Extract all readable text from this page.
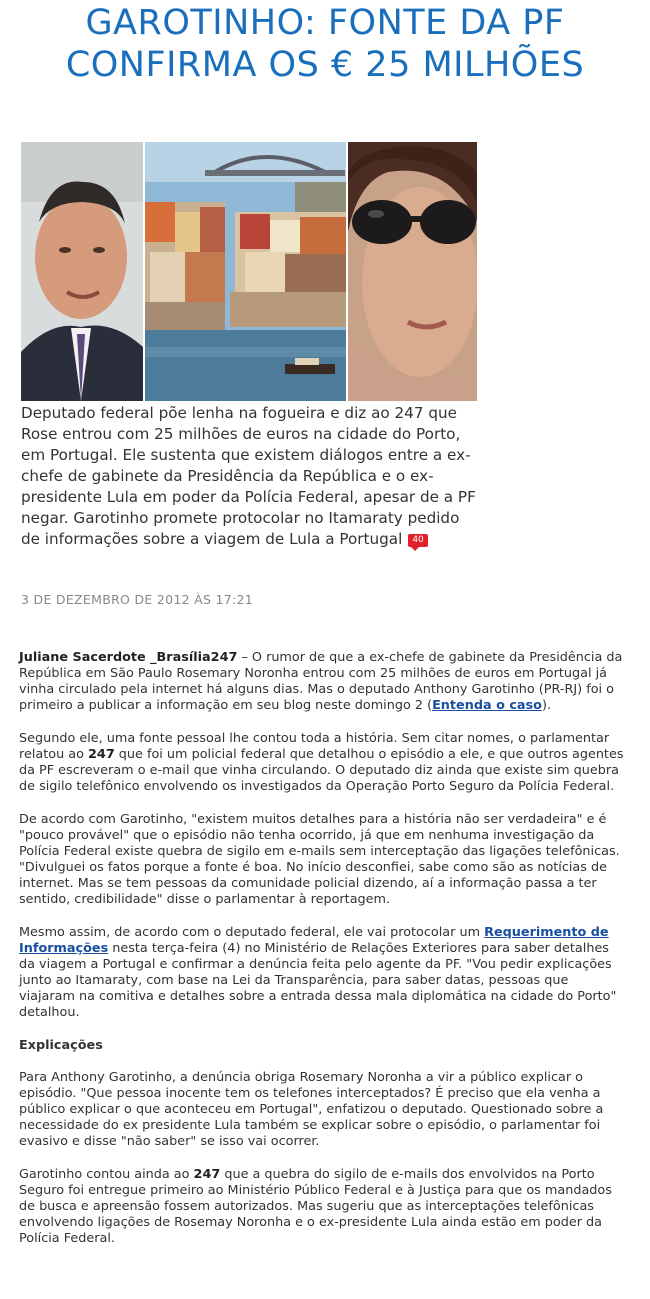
GAROTINHO: FONTE DA PF CONFIRMA OS € 25 MILHÕES

Deputado federal põe lenha na fogueira e diz ao 247 que Rose entrou com 25 milhões de euros na cidade do Porto, em Portugal. Ele sustenta que existem diálogos entre a ex-chefe de gabinete da Presidência da República e o ex-presidente Lula em poder da Polícia Federal, apesar de a PF negar. Garotinho promete protocolar no Itamaraty pedido de informações sobre a viagem de Lula a Portugal 40

3 DE DEZEMBRO DE 2012 ÀS 17:21

Juliane Sacerdote _Brasília247 – O rumor de que a ex-chefe de gabinete da Presidência da República em São Paulo Rosemary Noronha entrou com 25 milhões de euros em Portugal já vinha circulado pela internet há alguns dias. Mas o deputado Anthony Garotinho (PR-RJ) foi o primeiro a publicar a informação em seu blog neste domingo 2 (Entenda o caso).

Segundo ele, uma fonte pessoal lhe contou toda a história. Sem citar nomes, o parlamentar relatou ao 247 que foi um policial federal que detalhou o episódio a ele, e que outros agentes da PF escreveram o e-mail que vinha circulando. O deputado diz ainda que existe sim quebra de sigilo telefônico envolvendo os investigados da Operação Porto Seguro da Polícia Federal.

De acordo com Garotinho, "existem muitos detalhes para a história não ser verdadeira" e é "pouco provável" que o episódio não tenha ocorrido, já que em nenhuma investigação da Polícia Federal existe quebra de sigilo em e-mails sem interceptação das ligações telefônicas. "Divulguei os fatos porque a fonte é boa. No início desconfiei, sabe como são as notícias de internet. Mas se tem pessoas da comunidade policial dizendo, aí a informação passa a ter sentido, credibilidade" disse o parlamentar à reportagem.

Mesmo assim, de acordo com o deputado federal, ele vai protocolar um Requerimento de Informações nesta terça-feira (4) no Ministério de Relações Exteriores para saber detalhes da viagem a Portugal e confirmar a denúncia feita pelo agente da PF. "Vou pedir explicações junto ao Itamaraty, com base na Lei da Transparência, para saber datas, pessoas que viajaram na comitiva e detalhes sobre a entrada dessa mala diplomática na cidade do Porto" detalhou.

Explicações

Para Anthony Garotinho, a denúncia obriga Rosemary Noronha a vir a público explicar o episódio. "Que pessoa inocente tem os telefones interceptados? É preciso que ela venha a público explicar o que aconteceu em Portugal", enfatizou o deputado. Questionado sobre a necessidade do ex presidente Lula também se explicar sobre o episódio, o parlamentar foi evasivo e disse "não saber" se isso vai ocorrer.

Garotinho contou ainda ao 247 que a quebra do sigilo de e-mails dos envolvidos na Porto Seguro foi entregue primeiro ao Ministério Público Federal e à Justiça para que os mandados de busca e apreensão fossem autorizados. Mas sugeriu que as interceptações telefônicas envolvendo ligações de Rosemay Noronha e o ex-presidente Lula ainda estão em poder da Polícia Federal.
